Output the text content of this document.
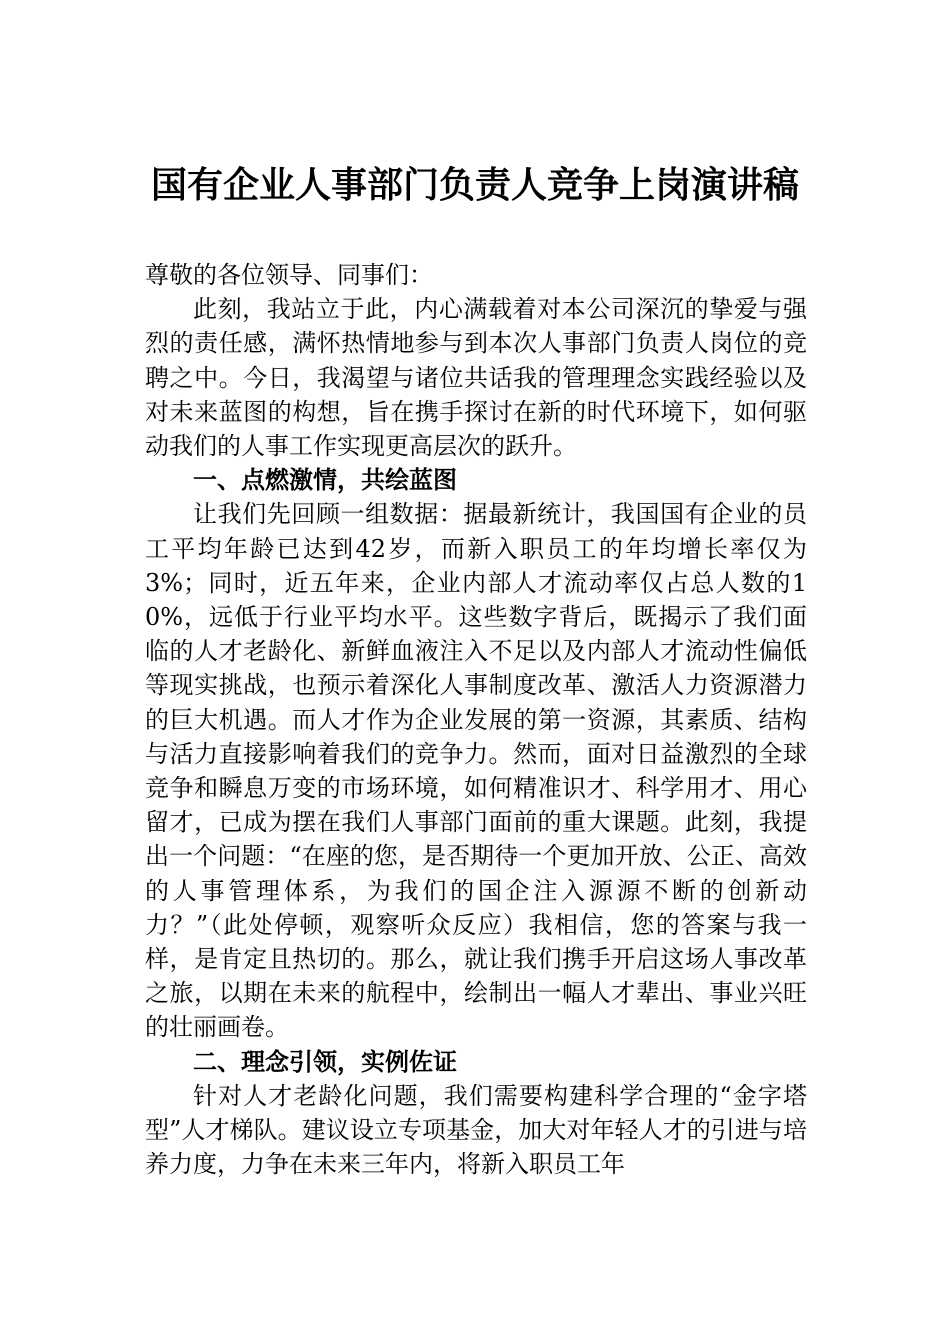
国有企业人事部门负责人竞争上岗演讲稿

尊敬的各位领导、同事们：

此刻，我站立于此，内心满载着对本公司深沉的挚爱与强烈的责任感，满怀热情地参与到本次人事部门负责人岗位的竞聘之中。今日，我渴望与诸位共话我的管理理念实践经验以及对未来蓝图的构想，旨在携手探讨在新的时代环境下，如何驱动我们的人事工作实现更高层次的跃升。

一、点燃激情，共绘蓝图

让我们先回顾一组数据：据最新统计，我国国有企业的员工平均年龄已达到42岁，而新入职员工的年均增长率仅为3%；同时，近五年来，企业内部人才流动率仅占总人数的10%，远低于行业平均水平。这些数字背后，既揭示了我们面临的人才老龄化、新鲜血液注入不足以及内部人才流动性偏低等现实挑战，也预示着深化人事制度改革、激活人力资源潜力的巨大机遇。而人才作为企业发展的第一资源，其素质、结构与活力直接影响着我们的竞争力。然而，面对日益激烈的全球竞争和瞬息万变的市场环境，如何精准识才、科学用才、用心留才，已成为摆在我们人事部门面前的重大课题。此刻，我提出一个问题：“在座的您，是否期待一个更加开放、公正、高效的人事管理体系，为我们的国企注入源源不断的创新动力？”（此处停顿，观察听众反应）我相信，您的答案与我一样，是肯定且热切的。那么，就让我们携手开启这场人事改革之旅，以期在未来的航程中，绘制出一幅人才辈出、事业兴旺的壮丽画卷。

二、理念引领，实例佐证

针对人才老龄化问题，我们需要构建科学合理的“金字塔型”人才梯队。建议设立专项基金，加大对年轻人才的引进与培养力度，力争在未来三年内，将新入职员工年
